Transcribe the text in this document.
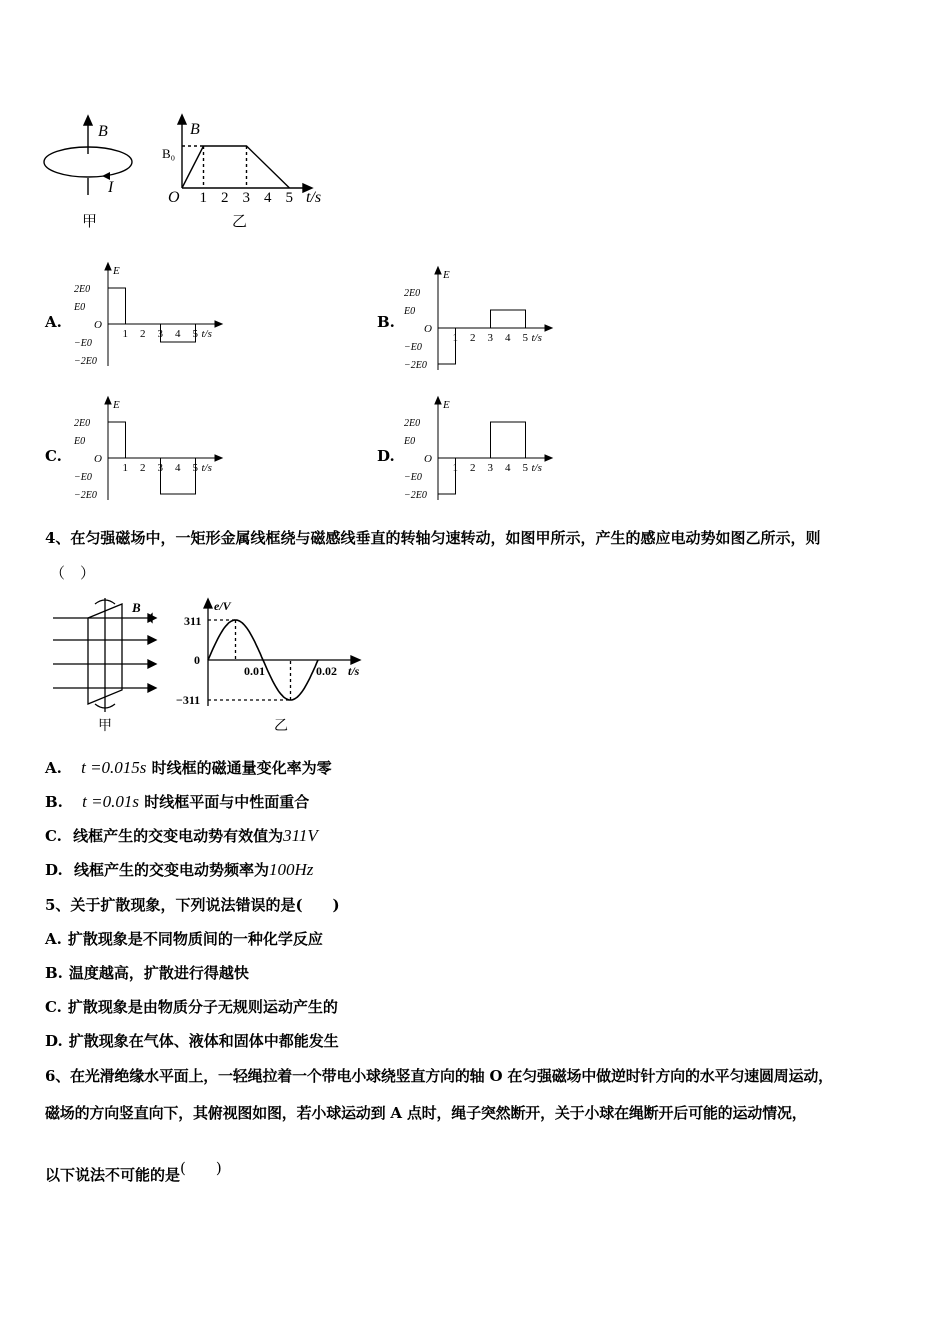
B
I
甲
B
B₀
O 1 2 3 4 5 t/s
乙
A.	B.
C.	D.
E
O
2E0
E0
−E0
−2E0
1 2 3 4 5 t/s
E
O
2E0
E0
−E0
−2E0
1 2 3 4 5 t/s
E
O
2E0
E0
−E0
−2E0
1 2 3 4 5 t/s
E
O
2E0
E0
−E0
−2E0
1 2 3 4 5 t/s
4、在匀强磁场中，一矩形金属线框绕与磁感线垂直的转轴匀速转动，如图甲所示，产生的感应电动势如图乙所示，则
（　）
B
甲
e/V
311
0
−311
0.01	0.02 t/s
乙
A. t =0.015s 时线框的磁通量变化率为零
B. t =0.01s 时线框平面与中性面重合
C. 线框产生的交变电动势有效值为311V
D. 线框产生的交变电动势频率为100Hz
5、关于扩散现象，下列说法错误的是(　　)
A. 扩散现象是不同物质间的一种化学反应
B. 温度越高，扩散进行得越快
C. 扩散现象是由物质分子无规则运动产生的
D. 扩散现象在气体、液体和固体中都能发生
6、在光滑绝缘水平面上，一轻绳拉着一个带电小球绕竖直方向的轴 O 在匀强磁场中做逆时针方向的水平匀速圆周运动，
磁场的方向竖直向下，其俯视图如图，若小球运动到 A 点时，绳子突然断开，关于小球在绳断开后可能的运动情况，
以下说法不可能的是(　　)
